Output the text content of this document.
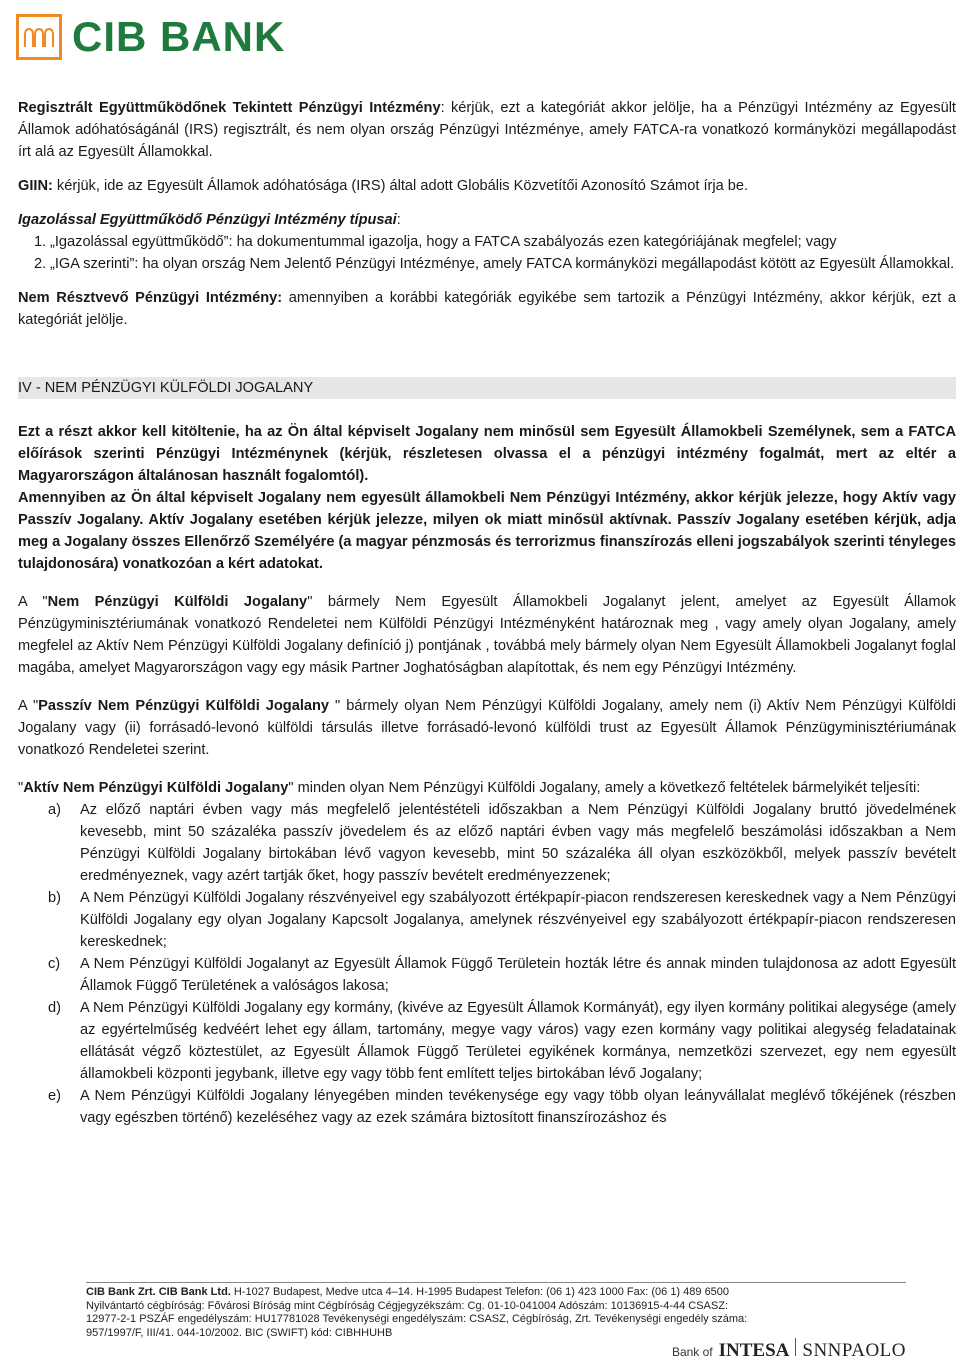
CIB BANK

Regisztrált Együttműködőnek Tekintett Pénzügyi Intézmény: kérjük, ezt a kategóriát akkor jelölje, ha a Pénzügyi Intézmény az Egyesült Államok adóhatóságánál (IRS) regisztrált, és nem olyan ország Pénzügyi Intézménye, amely FATCA-ra vonatkozó kormányközi megállapodást írt alá az Egyesült Államokkal.

GIIN: kérjük, ide az Egyesült Államok adóhatósága (IRS) által adott Globális Közvetítői Azonosító Számot írja be.

Igazolással Együttműködő Pénzügyi Intézmény típusai:

1. „Igazolással együttműködő”: ha dokumentummal igazolja, hogy a FATCA szabályozás ezen kategóriájának megfelel; vagy
2. „IGA szerinti”: ha olyan ország Nem Jelentő Pénzügyi Intézménye, amely FATCA kormányközi megállapodást kötött az Egyesült Államokkal.

Nem Résztvevő Pénzügyi Intézmény: amennyiben a korábbi kategóriák egyikébe sem tartozik a Pénzügyi Intézmény, akkor kérjük, ezt a kategóriát jelölje.

IV - NEM PÉNZÜGYI KÜLFÖLDI JOGALANY

Ezt a részt akkor kell kitöltenie, ha az Ön által képviselt Jogalany nem minősül sem Egyesült Államokbeli Személynek, sem a FATCA előírások szerinti Pénzügyi Intézménynek (kérjük, részletesen olvassa el a pénzügyi intézmény fogalmát, mert az eltér a Magyarországon általánosan használt fogalomtól).

Amennyiben az Ön által képviselt Jogalany nem egyesült államokbeli Nem Pénzügyi Intézmény, akkor kérjük jelezze, hogy Aktív vagy Passzív Jogalany. Aktív Jogalany esetében kérjük jelezze, milyen ok miatt minősül aktívnak. Passzív Jogalany esetében kérjük, adja meg a Jogalany összes Ellenőrző Személyére (a magyar pénzmosás és terrorizmus finanszírozás elleni jogszabályok szerinti tényleges tulajdonosára) vonatkozóan a kért adatokat.

A "Nem Pénzügyi Külföldi Jogalany" bármely Nem Egyesült Államokbeli Jogalanyt jelent, amelyet az Egyesült Államok Pénzügyminisztériumának vonatkozó Rendeletei nem Külföldi Pénzügyi Intézményként határoznak meg , vagy amely olyan Jogalany, amely megfelel az Aktív Nem Pénzügyi Külföldi Jogalany definíció j) pontjának , továbbá mely bármely olyan Nem Egyesült Államokbeli Jogalanyt foglal magába, amelyet Magyarországon vagy egy másik Partner Joghatóságban alapítottak, és nem egy Pénzügyi Intézmény.

A "Passzív Nem Pénzügyi Külföldi Jogalany " bármely olyan Nem Pénzügyi Külföldi Jogalany, amely nem (i) Aktív Nem Pénzügyi Külföldi Jogalany vagy (ii) forrásadó-levonó külföldi társulás illetve forrásadó-levonó külföldi trust az Egyesült Államok Pénzügyminisztériumának vonatkozó Rendeletei szerint.

"Aktív Nem Pénzügyi Külföldi Jogalany" minden olyan Nem Pénzügyi Külföldi Jogalany, amely a következő feltételek bármelyikét teljesíti:

a)	Az előző naptári évben vagy más megfelelő jelentéstételi időszakban a Nem Pénzügyi Külföldi Jogalany bruttó jövedelmének kevesebb, mint 50 százaléka passzív jövedelem és az előző naptári évben vagy más megfelelő beszámolási időszakban a Nem Pénzügyi Külföldi Jogalany birtokában lévő vagyon kevesebb, mint 50 százaléka áll olyan eszközökből, melyek passzív bevételt eredményeznek, vagy azért tartják őket, hogy passzív bevételt eredményezzenek;
b)	A Nem Pénzügyi Külföldi Jogalany részvényeivel egy szabályozott értékpapír-piacon rendszeresen kereskednek vagy a Nem Pénzügyi Külföldi Jogalany egy olyan Jogalany Kapcsolt Jogalanya, amelynek részvényeivel egy szabályozott értékpapír-piacon rendszeresen kereskednek;
c)	A Nem Pénzügyi Külföldi Jogalanyt az Egyesült Államok Függő Területein hozták létre és annak minden tulajdonosa az adott Egyesült Államok Függő Területének a valóságos lakosa;
d)	A Nem Pénzügyi Külföldi Jogalany egy kormány, (kivéve az Egyesült Államok Kormányát), egy ilyen kormány politikai alegysége (amely az egyértelműség kedvéért lehet egy állam, tartomány, megye vagy város) vagy ezen kormány vagy politikai alegység feladatainak ellátását végző köztestület, az Egyesült Államok Függő Területei egyikének kormánya, nemzetközi szervezet, egy nem egyesült államokbeli központi jegybank, illetve egy vagy több fent említett teljes birtokában lévő Jogalany;
e)	A Nem Pénzügyi Külföldi Jogalany lényegében minden tevékenysége egy vagy több olyan leányvállalat meglévő tőkéjének (részben vagy egészben történő) kezeléséhez vagy az ezek számára biztosított finanszírozáshoz és
CIB Bank Zrt. CIB Bank Ltd. H-1027 Budapest, Medve utca 4–14. H-1995 Budapest Telefon: (06 1) 423 1000 Fax: (06 1) 489 6500
Nyilvántartó cégbíróság: Fővárosi Bíróság mint Cégbíróság Cégjegyzékszám: Cg. 01-10-041004 Adószám: 10136915-4-44 CSASZ:
12977-2-1 PSZÁF engedélyszám: HU17781028 Tevékenységi engedélyszám: CSASZ, Cégbíróság, Zrt. Tevékenységi engedély száma:
957/1997/F, III/41. 044-10/2002. BIC (SWIFT) kód: CIBHHUHB
Bank of INTESA SNNPAOLO
